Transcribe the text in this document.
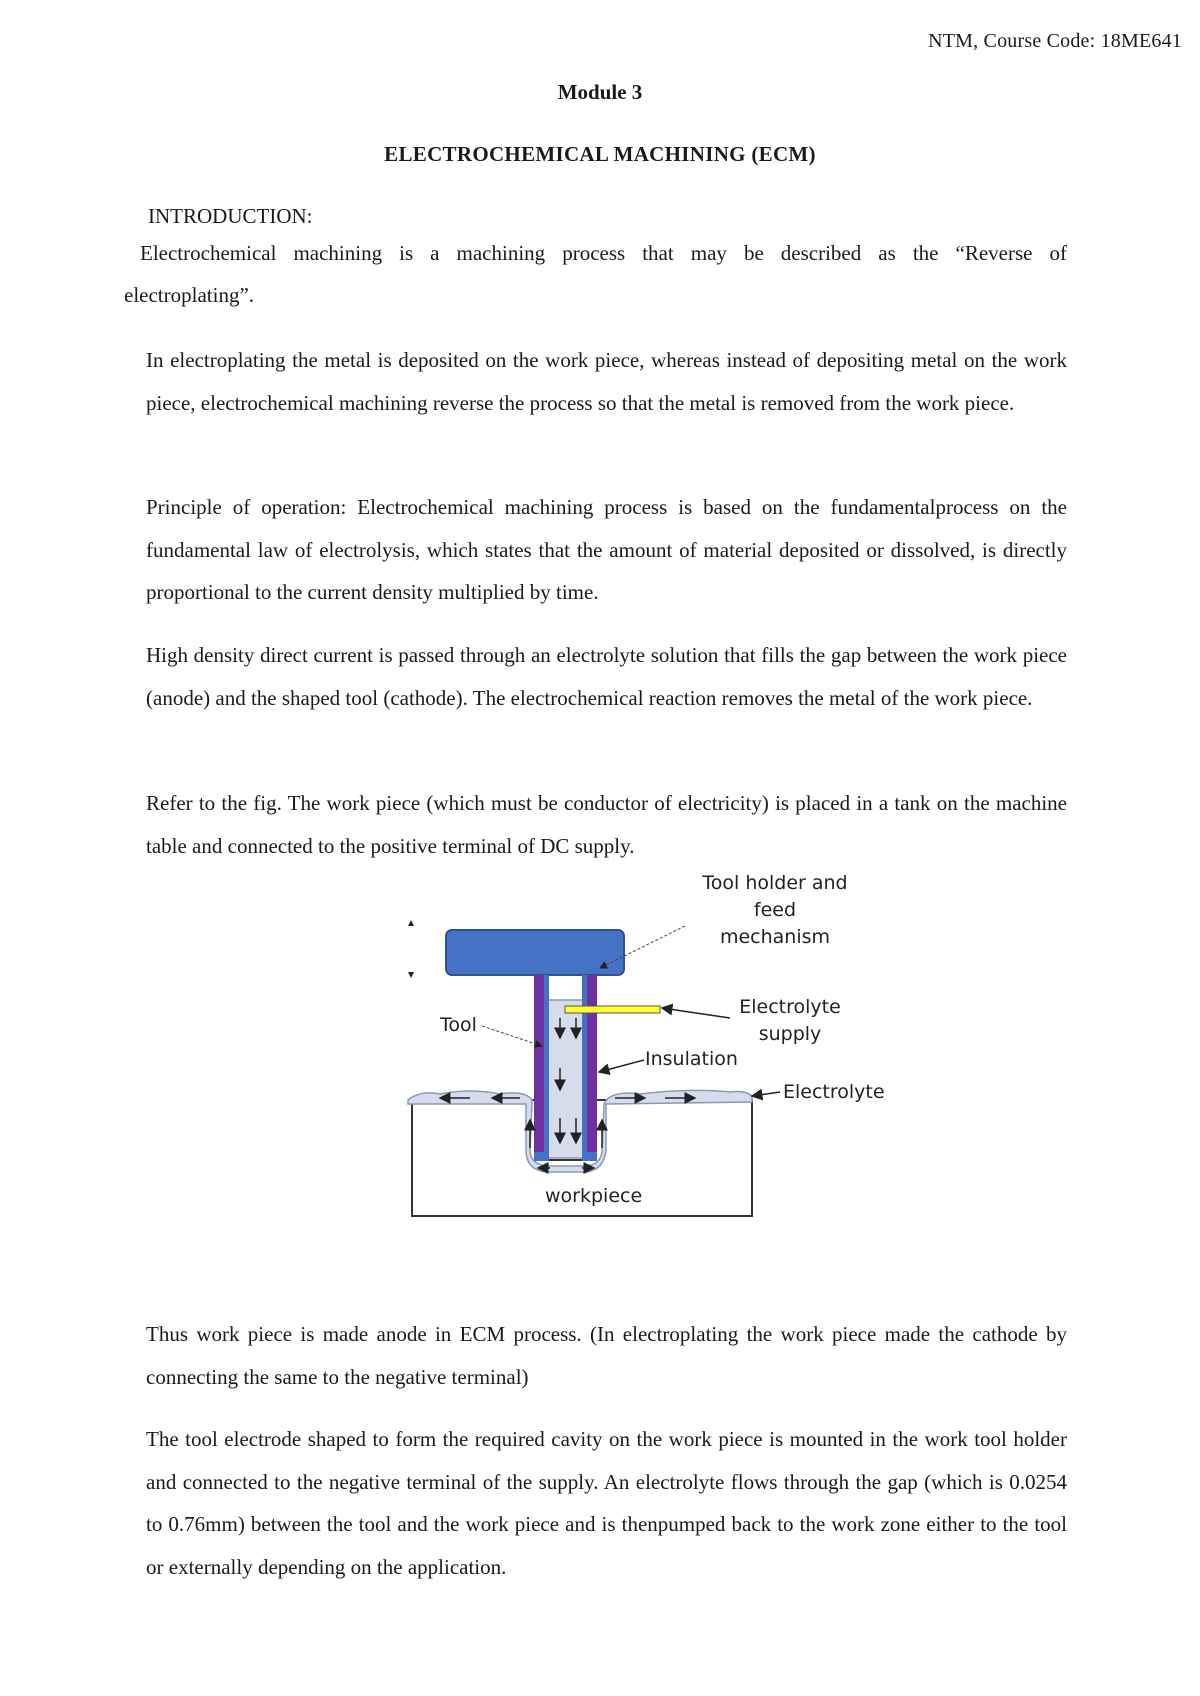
NTM, Course Code: 18ME641
Module 3
ELECTROCHEMICAL MACHINING (ECM)
INTRODUCTION:
Electrochemical machining is a machining process that may be described as the “Reverse of
electroplating”.

In electroplating the metal is deposited on the work piece, whereas instead of depositing metal on the work piece, electrochemical machining reverse the process so that the metal is removed from the work piece.

Principle of operation: Electrochemical machining process is based on the fundamentalprocess on the fundamental law of electrolysis, which states that the amount of material deposited or dissolved, is directly proportional to the current density multiplied by time.

High density direct current is passed through an electrolyte solution that fills the gap between the work piece (anode) and the shaped tool (cathode). The electrochemical reaction removes the metal of the work piece.

Refer to the fig. The work piece (which must be conductor of electricity) is placed in a tank on the machine table and connected to the positive terminal of DC supply.

Tool holder and feed mechanism
Electrolyte supply
Tool
Insulation
Electrolyte
workpiece

Thus work piece is made anode in ECM process. (In electroplating the work piece made the cathode by connecting the same to the negative terminal)

The tool electrode shaped to form the required cavity on the work piece is mounted in the work tool holder and connected to the negative terminal of the supply. An electrolyte flows through the gap (which is 0.0254 to 0.76mm) between the tool and the work piece and is thenpumped back to the work zone either to the tool or externally depending on the application.
